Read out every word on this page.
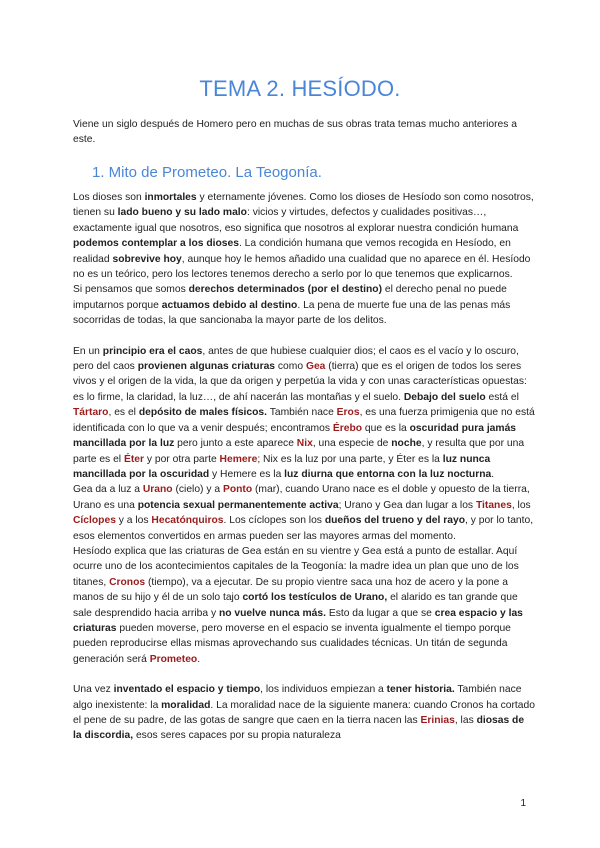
TEMA 2. HESÍODO.

Viene un siglo después de Homero pero en muchas de sus obras trata temas mucho anteriores a este.

1. Mito de Prometeo. La Teogonía.

Los dioses son inmortales y eternamente jóvenes. Como los dioses de Hesíodo son como nosotros, tienen su lado bueno y su lado malo: vicios y virtudes, defectos y cualidades positivas…, exactamente igual que nosotros, eso significa que nosotros al explorar nuestra condición humana podemos contemplar a los dioses. La condición humana que vemos recogida en Hesíodo, en realidad sobrevive hoy, aunque hoy le hemos añadido una cualidad que no aparece en él. Hesíodo no es un teórico, pero los lectores tenemos derecho a serlo por lo que tenemos que explicarnos.

Si pensamos que somos derechos determinados (por el destino) el derecho penal no puede imputarnos porque actuamos debido al destino. La pena de muerte fue una de las penas más socorridas de todas, la que sancionaba la mayor parte de los delitos.

En un principio era el caos, antes de que hubiese cualquier dios; el caos es el vacío y lo oscuro, pero del caos provienen algunas criaturas como Gea (tierra) que es el origen de todos los seres vivos y el origen de la vida, la que da origen y perpetúa la vida y con unas características opuestas: es lo firme, la claridad, la luz…, de ahí nacerán las montañas y el suelo. Debajo del suelo está el Tártaro, es el depósito de males físicos. También nace Eros, es una fuerza primigenia que no está identificada con lo que va a venir después; encontramos Érebo que es la oscuridad pura jamás mancillada por la luz pero junto a este aparece Nix, una especie de noche, y resulta que por una parte es el Éter y por otra parte Hemere; Nix es la luz por una parte, y Éter es la luz nunca mancillada por la oscuridad y Hemere es la luz diurna que entorna con la luz nocturna.

Gea da a luz a Urano (cielo) y a Ponto (mar), cuando Urano nace es el doble y opuesto de la tierra, Urano es una potencia sexual permanentemente activa; Urano y Gea dan lugar a los Titanes, los Cíclopes y a los Hecatónquiros. Los cíclopes son los dueños del trueno y del rayo, y por lo tanto, esos elementos convertidos en armas pueden ser las mayores armas del momento.

Hesíodo explica que las criaturas de Gea están en su vientre y Gea está a punto de estallar. Aquí ocurre uno de los acontecimientos capitales de la Teogonía: la madre idea un plan que uno de los titanes, Cronos (tiempo), va a ejecutar. De su propio vientre saca una hoz de acero y la pone a manos de su hijo y él de un solo tajo cortó los testículos de Urano, el alarido es tan grande que sale desprendido hacia arriba y no vuelve nunca más. Esto da lugar a que se crea espacio y las criaturas pueden moverse, pero moverse en el espacio se inventa igualmente el tiempo porque pueden reproducirse ellas mismas aprovechando sus cualidades técnicas. Un titán de segunda generación será Prometeo.

Una vez inventado el espacio y tiempo, los individuos empiezan a tener historia. También nace algo inexistente: la moralidad. La moralidad nace de la siguiente manera: cuando Cronos ha cortado el pene de su padre, de las gotas de sangre que caen en la tierra nacen las Erinias, las diosas de la discordia, esos seres capaces por su propia naturaleza

1
